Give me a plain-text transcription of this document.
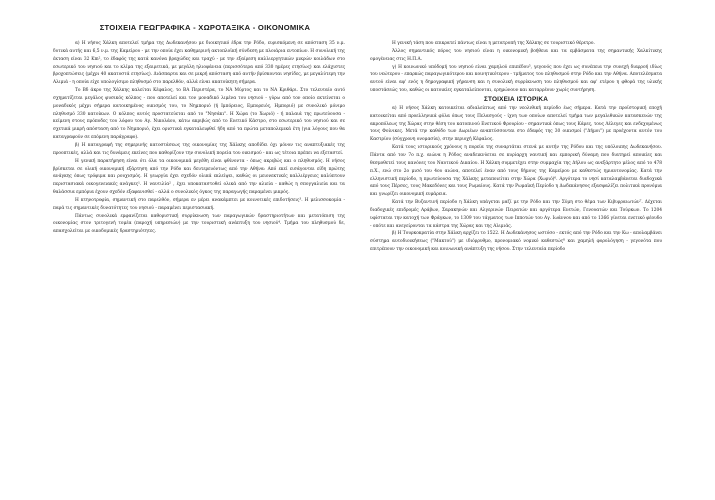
ΣΤΟΙΧΕΙΑ ΓΕΩΓΡΑΦΙΚΑ - ΧΩΡΟΤΑΞΙΚΑ - ΟΙΚΟΝΟΜΙΚΑ

α) Η νήσος Χάλκη αποτελεί τμήμα της Δωδεκανήσου με διοικητικό έδρα την Ρόδο, ευρισκόμενη σε απόσταση 35 ν.μ. δυτικά αυτής και 6,5 ν.μ. της Καμείρου - με την οποία έχει καθημερινή ακτοπλοϊκή σύνδεση με πλοιάρια εντοπίων. Η συνολική της έκταση είναι 32 Km², το έδαφός της κατά κανόνα βραχώδες και τραχύ - με την εξαίρεση καλλιεργητικών μικρών κοιλάδων στο εσωτερικό του νησιού και το κλίμα της εξαιρετικά, με μεγάλη ηλιοφάνεια (περισσότερα από 330 ημέρες ετησίως) και ελάχιστες βροχοπτώσεις (μέχρι 40 ακατοστά ετησίως). Διάσπαρτα και σε μικρή απόσταση από αυτήν βρίσκονται νησίδες, με μεγαλύτερη την Αλιμιά - η οποία είχε υπολογίσιμο πληθυσμό στο παρελθόν, αλλά είναι ακατοίκητη σήμερα.

Το Βδ άκρο της Χάλκης καλείται Κέφαλος, το ΒΑ Περιστέρα, το ΝΑ Μύρτος και το ΝΑ Κριθάρι. Στο τελευταίο αυτό σχηματίζεται μεγάλος φυσικός κόλπος - που αποτελεί και τον μοναδικό λιμένα του νησιού - γύρω από τον οποίο εκτείνεται ο μοναδικός μέχρι σήμερα κατοικημένος οικισμός του, το Νημποριό (ή Ιμπόρειος, Εμπορειός, Ημποριό) με συνολικό μόνιμο πληθυσμό 330 κατοίκων. Ο κόλπος αυτός προστατεύεται από το "Νησάκι". Η Χώρα (το Χωριό) - ή παλαιά της πρωτεύουσα - κείμενη στους πρόποδες του λόφου του Αγ. Νικολάου, κάτω ακριβώς από το Ενετικό Κάστρο, στο εσωτερικό του νησιού και σε σχετικά μικρή απόσταση από το Νημποριό, έχει οριστικά εγκαταλειφθεί ήδη από τα πρώτα μεταπολεμικά έτη (για λόγους που θα καταγραφούν σε επόμενη παράγραφο).

β) Η καταγραφή της σημερινής κατοστάσεως της οικονομίας της Χάλκης αποδίδει όχι μόνον τις αναπτυξιακές της προοπτικές, αλλά και τις δυνάμεις εκείνες που καθορίζουν την συνολική πορεία του οικισμού - και ως τέτοια πρέπει να εξεταστεί.

Η γενική παρατήρηση είναι ότι όλα τα οικονομικά μεγέθη είναι φθίνοντα - όπως ακριβώς και ο πληθυσμός. Η νήσος βρίσκεται σε ολική οικονομική εξάρτηση από την Ρόδο και δευτερευόντως από την Αθήνα: Από εκεί εισάγονται είδη πρώτης ανάγκης όπως τρόφιμα και ρουχισμός. Η γεωργία έχει σχεδόν ολικά εκλείψει, καθώς οι μειονεκτικές καλλιέργειες καλύπτουν περιστασιακά οικογενειακές ανάγκες¹. Η ναυτιλία² , έχει υποκαταστοθεί ολικά από την αλιεία - καθώς η σπογγαλιεία και τα θαλάσσια εμπόρια έχουν σχεδόν εξαφανισθεί - αλλά ο συνολικός όγκος της παραγωγής παραμένει μικρός.

Η κτηνοτροφία, σημαντική στο παρελθόν, σήμερα εν μέρει ανακάμπτει με κοινοτικές επιδοτήσεις³. Η μελισσοκομία - παρά τις σημαντικές δυνατότητες του νησιού - παραμένει περιστασιακή.

Πάντως συνολικά εμφανίζεται καθοριστική συρρίκνωση των παραγωγικών δραστηριοτήτων και μετατόπιση της οικονομίας στον τριτογενή τομέα (παροχή υπηρεσιών) με την τουριστική ανάπτυξη του νησιού⁴. Τμήμα του πληθυσμού δε, απασχολείται με οικοδομικές δραστηριότητες.

Η γενική τάση που επικρατεί πάντως είναι η μετατροπή της Χάλκης σε τουριστικό θέρετρο.

Άλλος σημαντικός πόρος του νησιού είναι η οικονομική βοήθεια και τα εμβάσματα της σημαντικής Χαλκίτικης ομογένειας στις Η.Π.Α.

γ) Η κοινωνικό υπόδομή του νησιού είναι χαμηλού επιπέδου⁵, γεγονός που έχει ως συνέπεια την συνεχή διαρροή ιδίως του νεώτερου - επαρκώς παραγωγικότερου και κοινητικότερου - τμήματος του πληθυσμού στην Ρόδο και την Αθήνα. Αποτελέσματα αυτού είναι αφ' ενός η δημογραφική γήρανση και η συνολική συρρίκνωση του πληθυσμού και αφ' ετέρου η φθορά της υλικής υποστάσεώς του, καθώς οι κατοικίες εγκαταλείπονται, ερημώνουν και καταρρέουν χωρίς συντήρηση.

ΣΤΟΙΧΕΙΑ ΙΣΤΟΡΙΚΑ

α) Η νήσος Χάλκη κατοικείται αδιαλείπτως από την νεολιθική περίοδο έως σήμερα. Κατά την προϊστορική εποχή κατοικείται από προελληνικά φύλα όπως τους Πελασγούς - ίχνη των οποίων αποτελεί τμήμα των μεγαλιθικών κατασκευών της ακροπόλεως της Χώρας στην θέση του κατοπινού Ενετικού Φρουρίου - σημαντικά όπως τους Κάρες, τους Λέλεγες και ενδεχομένως τους Φοίνικες. Μετά την καθόδο των Δωριέων αναπτύσσονται στο έδαφός της 30 οικισμοί ("Δήμοι") με προέχοντα αυτόν του Καστρίου (σύγχρονη ονομασία), στην περιοχή Κέφαλος.

Κατά τους ιστορικούς χρόνους η πορεία της συναρτάται στενά με αυτήν της Ρόδου και της υπόλοιπης Δωδεκανήσου. Πάντα από τον 7ο π.χ. αιώνα η Ρόδος αναδεικνύεται σε κυρίαρχη ναυτική και εμπορική δύναμη που διατηρεί αποικίες και θεσμοθετεί τους κανόνες του Ναυτικού Δικαίου. Η Χάλκη συμμετέχει στην συμμαχία της Δήλου ως ανεξάρτητο μέλος από το 478 π.Χ., ενώ στο 2ο μισό του 4ου αιώνα, αποτελεί έναν από τους δήμους της Καμείρου με καθεστώς ημιαυτονομίας. Κατά την ελληνιστική περίοδο, η πρωτεύουσα της Χάλκης μεταποιείται στην Χώρα (Χωριό)⁶. Αργότερα το νησί καταλαμβάνεται διαδοχικά από τους Πέρσες, τους Μακεδόνες και τους Ρωμαίους. Κατά την Ρωμαϊκή Περίοδο η Δωδεκάνησος εξασφαλίζει πολιτικά προνόμια και γνωρίζει οικονομική ευμάρεια.

Κατά την Βυζαντινή περίοδο η Χάλκη υπάγεται μαζί με την Ρόδο και την Σύμη στο θέμα των Κιβυρραιωτών⁷. Δέχεται διαδοχικές επιδρομές Αράβων, Σαρακηνών και Αλγερινών Πειρατών και αργότερα Ενετών, Γενουατών και Τούρκων. Το 1204 υφίσταται την κατοχή των Φράγκων, το 1309 του τάγματος των Ιπποτών του Αγ. Ιωάννου και από το 1366 γίνεται ενετικό φέουδο - οπότε και ανεγείρονται τα κάστρα της Χώρας και της Αλιμιάς.

β) Η Τουρκοκρατία στην Χάλκη αρχίζει το 1522. Η Δωδεκάνησος ωστόσο - εκτός από την Ρόδο και την Κω - απολαμβάνει σύστημα αυτοδιοικήσεως ("Μακτού") με ιδιόρρυθμο, προνομιακό νομικό καθεστώς⁸ και χαμηλή φορολόγηση - γεγονότα που επιτρέπουν την οικονομική και κοινωνική ανάπτυξη της νήσου. Στην τελευταία περίοδο
